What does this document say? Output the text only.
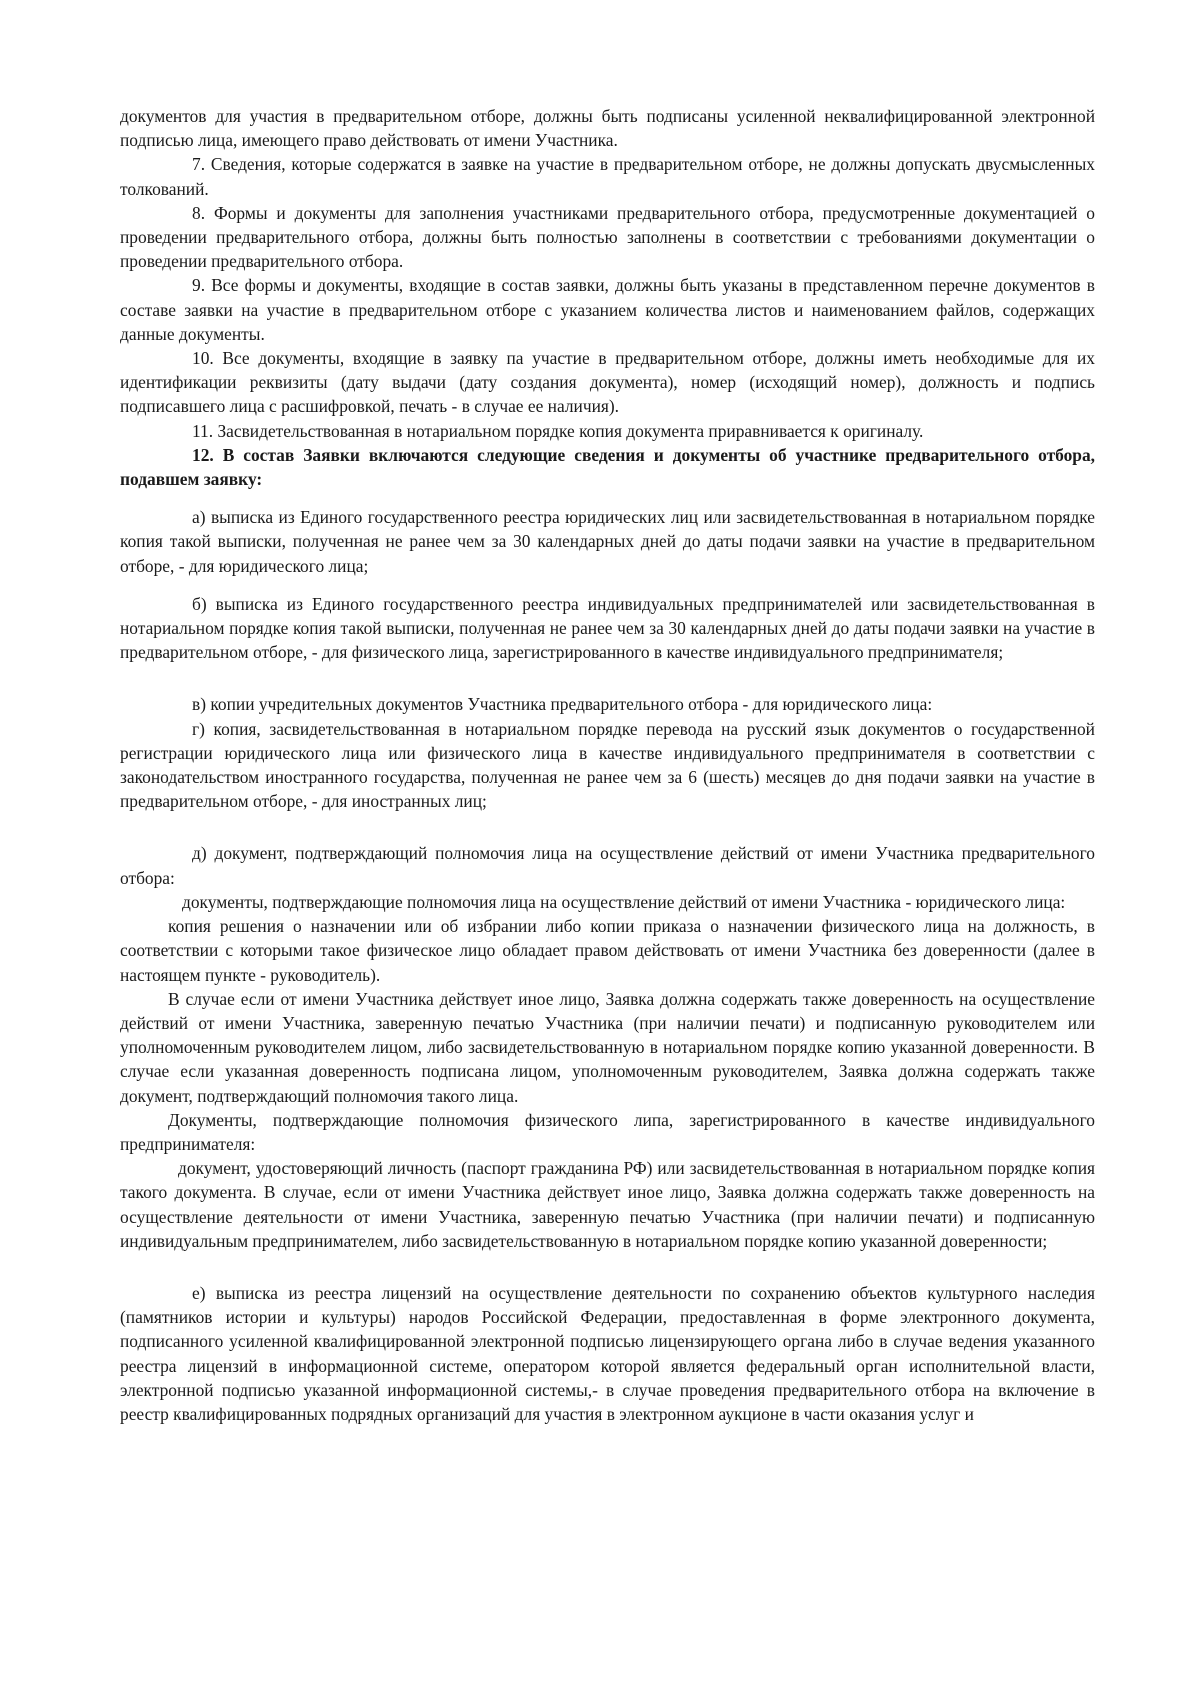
документов для участия в предварительном отборе, должны быть подписаны усиленной неквалифицированной электронной подписью лица, имеющего право действовать от имени Участника.

7. Сведения, которые содержатся в заявке на участие в предварительном отборе, не должны допускать двусмысленных толкований.

8. Формы и документы для заполнения участниками предварительного отбора, предусмотренные документацией о проведении предварительного отбора, должны быть полностью заполнены в соответствии с требованиями документации о проведении предварительного отбора.

9. Все формы и документы, входящие в состав заявки, должны быть указаны в представленном перечне документов в составе заявки на участие в предварительном отборе с указанием количества листов и наименованием файлов, содержащих данные документы.

10. Все документы, входящие в заявку па участие в предварительном отборе, должны иметь необходимые для их идентификации реквизиты (дату выдачи (дату создания документа), номер (исходящий номер), должность и подпись подписавшего лица с расшифровкой, печать - в случае ее наличия).

11. Засвидетельствованная в нотариальном порядке копия документа приравнивается к оригиналу.

12. В состав Заявки включаются следующие сведения и документы об участнике предварительного отбора, подавшем заявку:

а) выписка из Единого государственного реестра юридических лиц или засвидетельствованная в нотариальном порядке копия такой выписки, полученная не ранее чем за 30 календарных дней до даты подачи заявки на участие в предварительном отборе, - для юридического лица;

б) выписка из Единого государственного реестра индивидуальных предпринимателей или засвидетельствованная в нотариальном порядке копия такой выписки, полученная не ранее чем за 30 календарных дней до даты подачи заявки на участие в предварительном отборе, - для физического лица, зарегистрированного в качестве индивидуального предпринимателя;

в) копии учредительных документов Участника предварительного отбора - для юридического лица:

г) копия, засвидетельствованная в нотариальном порядке перевода на русский язык документов о государственной регистрации юридического лица или физического лица в качестве индивидуального предпринимателя в соответствии с законодательством иностранного государства, полученная не ранее чем за 6 (шесть) месяцев до дня подачи заявки на участие в предварительном отборе, - для иностранных лиц;

д) документ, подтверждающий полномочия лица на осуществление действий от имени Участника предварительного отбора:

документы, подтверждающие полномочия лица на осуществление действий от имени Участника - юридического лица:

копия решения о назначении или об избрании либо копии приказа о назначении физического лица на должность, в соответствии с которыми такое физическое лицо обладает правом действовать от имени Участника без доверенности (далее в настоящем пункте - руководитель).

В случае если от имени Участника действует иное лицо, Заявка должна содержать также доверенность на осуществление действий от имени Участника, заверенную печатью Участника (при наличии печати) и подписанную руководителем или уполномоченным руководителем лицом, либо засвидетельствованную в нотариальном порядке копию указанной доверенности. В случае если указанная доверенность подписана лицом, уполномоченным руководителем, Заявка должна содержать также документ, подтверждающий полномочия такого лица.

Документы, подтверждающие полномочия физического липа, зарегистрированного в качестве индивидуального предпринимателя:

документ, удостоверяющий личность (паспорт гражданина РФ) или засвидетельствованная в нотариальном порядке копия такого документа. В случае, если от имени Участника действует иное лицо, Заявка должна содержать также доверенность на осуществление деятельности от имени Участника, заверенную печатью Участника (при наличии печати) и подписанную индивидуальным предпринимателем, либо засвидетельствованную в нотариальном порядке копию указанной доверенности;

е) выписка из реестра лицензий на осуществление деятельности по сохранению объектов культурного наследия (памятников истории и культуры) народов Российской Федерации, предоставленная в форме электронного документа, подписанного усиленной квалифицированной электронной подписью лицензирующего органа либо в случае ведения указанного реестра лицензий в информационной системе, оператором которой является федеральный орган исполнительной власти, электронной подписью указанной информационной системы,- в случае проведения предварительного отбора на включение в реестр квалифицированных подрядных организаций для участия в электронном аукционе в части оказания услуг и
